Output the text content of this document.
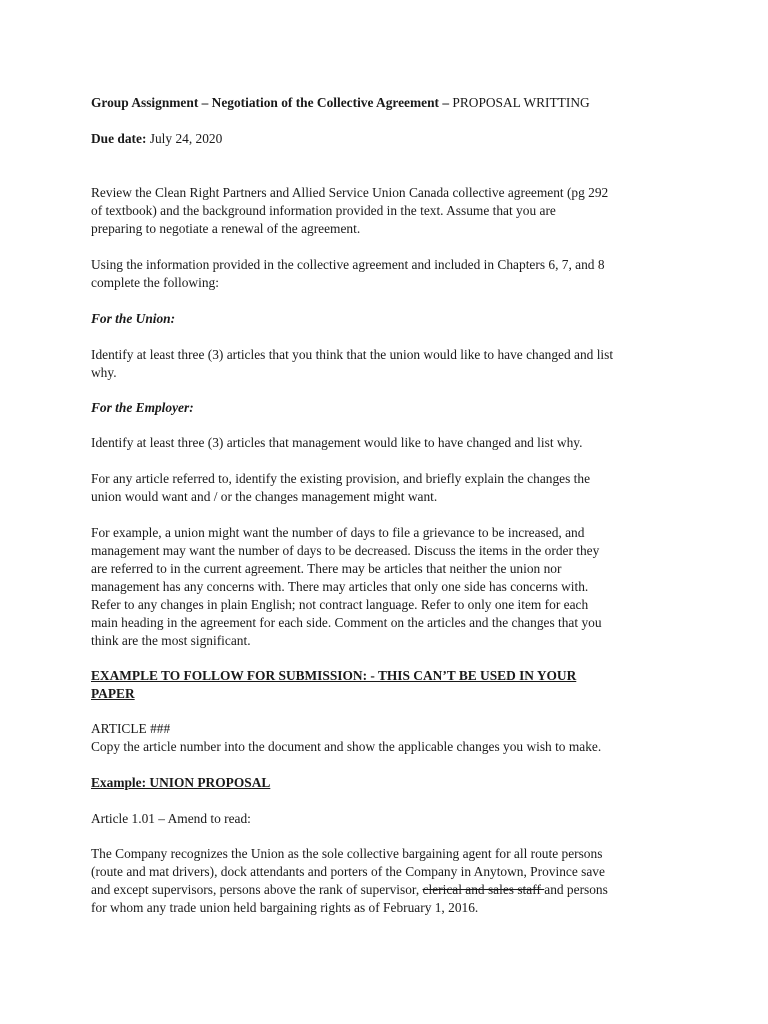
Group Assignment – Negotiation of the Collective Agreement – PROPOSAL WRITTING

Due date: July 24, 2020

Review the Clean Right Partners and Allied Service Union Canada collective agreement (pg 292
of textbook) and the background information provided in the text. Assume that you are
preparing to negotiate a renewal of the agreement.

Using the information provided in the collective agreement and included in Chapters 6, 7, and 8
complete the following:

For the Union:

Identify at least three (3) articles that you think that the union would like to have changed and list
why.

For the Employer:

Identify at least three (3) articles that management would like to have changed and list why.

For any article referred to, identify the existing provision, and briefly explain the changes the
union would want and / or the changes management might want.

For example, a union might want the number of days to file a grievance to be increased, and
management may want the number of days to be decreased. Discuss the items in the order they
are referred to in the current agreement. There may be articles that neither the union nor
management has any concerns with. There may articles that only one side has concerns with.
Refer to any changes in plain English; not contract language. Refer to only one item for each
main heading in the agreement for each side. Comment on the articles and the changes that you
think are the most significant.

EXAMPLE TO FOLLOW FOR SUBMISSION: - THIS CAN’T BE USED IN YOUR
PAPER

ARTICLE ###
Copy the article number into the document and show the applicable changes you wish to make.

Example: UNION PROPOSAL

Article 1.01 – Amend to read:

The Company recognizes the Union as the sole collective bargaining agent for all route persons
(route and mat drivers), dock attendants and porters of the Company in Anytown, Province save
and except supervisors, persons above the rank of supervisor, clerical and sales staff and persons
for whom any trade union held bargaining rights as of February 1, 2016.
